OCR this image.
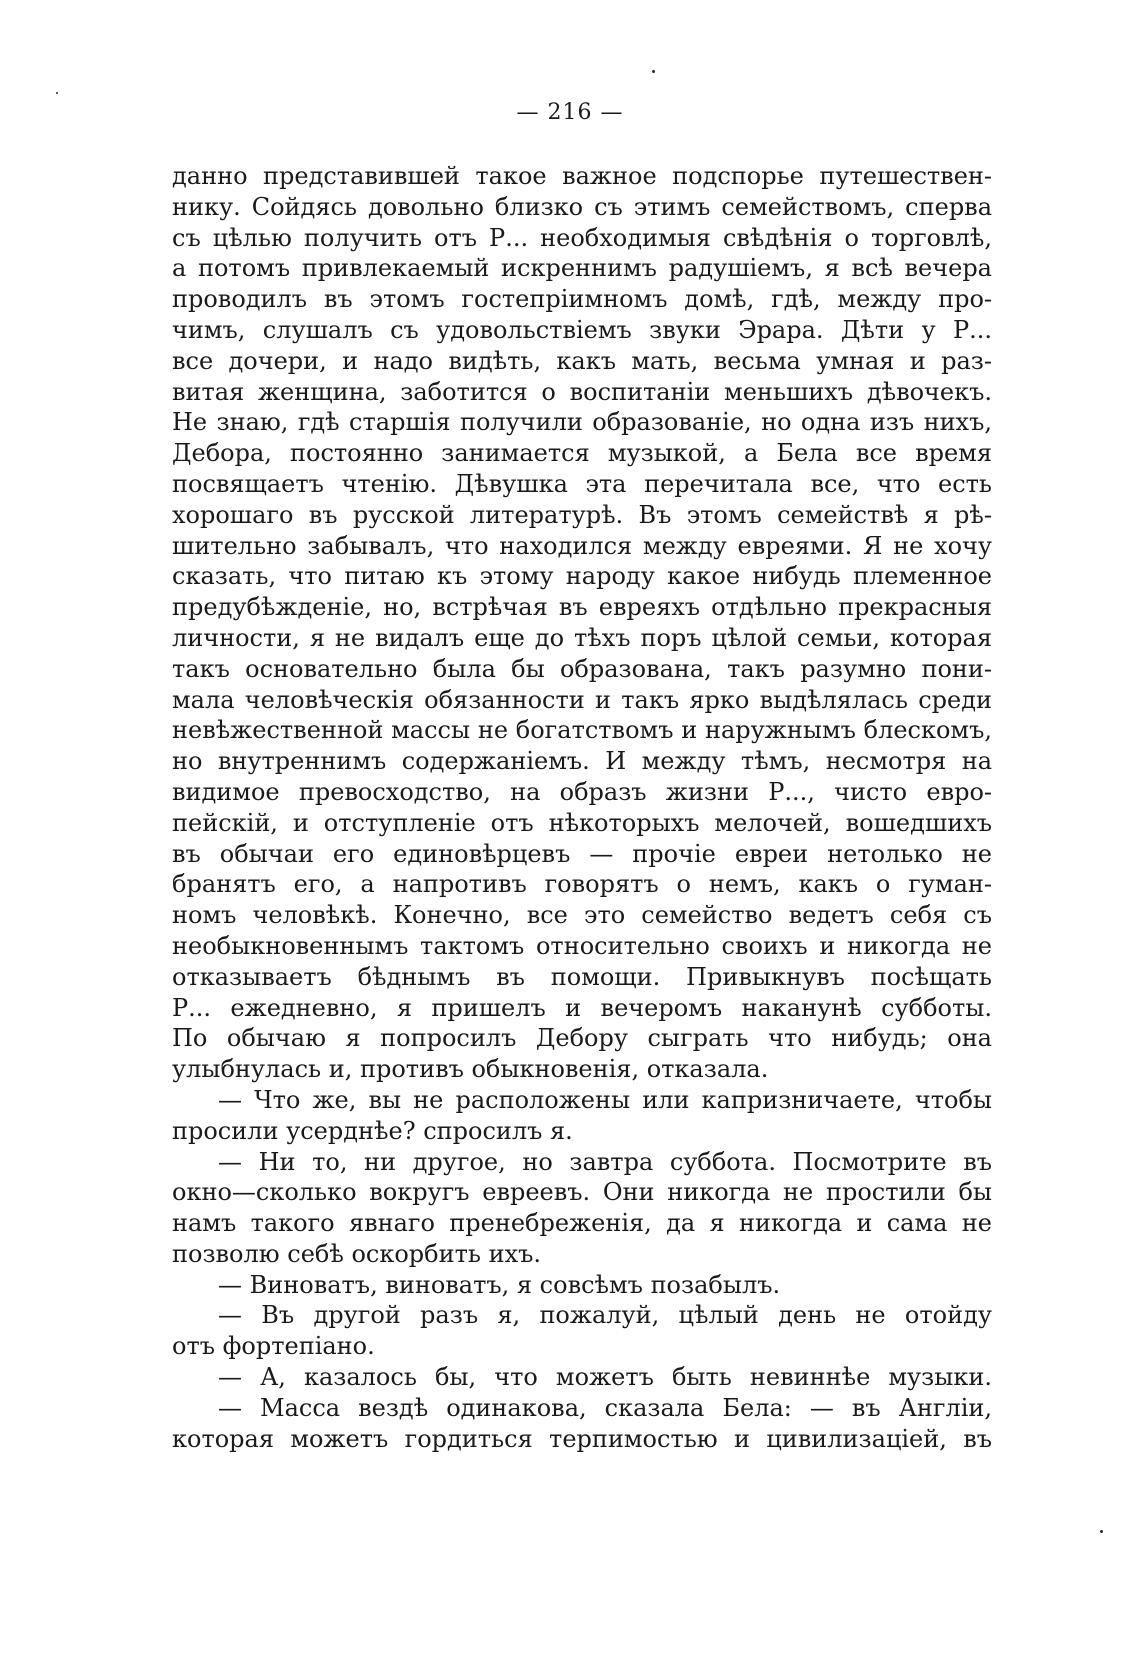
— 216 —
данно представившей такое важное подспорье путешествен-
нику. Сойдясь довольно близко съ этимъ семействомъ, сперва
съ цѣлью получить отъ Р... необходимыя свѣдѣнія о торговлѣ,
а потомъ привлекаемый искреннимъ радушіемъ, я всѣ вечера
проводилъ въ этомъ гостепріимномъ домѣ, гдѣ, между про-
чимъ, слушалъ съ удовольствіемъ звуки Эрара. Дѣти у Р...
все дочери, и надо видѣть, какъ мать, весьма умная и раз-
витая женщина, заботится о воспитаніи меньшихъ дѣвочекъ.
Не знаю, гдѣ старшія получили образованіе, но одна изъ нихъ,
Дебора, постоянно занимается музыкой, а Бела все время
посвящаетъ чтенію. Дѣвушка эта перечитала все, что есть
хорошаго въ русской литературѣ. Въ этомъ семействѣ я рѣ-
шительно забывалъ, что находился между евреями. Я не хочу
сказать, что питаю къ этому народу какое нибудь племенное
предубѣжденіе, но, встрѣчая въ евреяхъ отдѣльно прекрасныя
личности, я не видалъ еще до тѣхъ поръ цѣлой семьи, которая
такъ основательно была бы образована, такъ разумно пони-
мала человѣческія обязанности и такъ ярко выдѣлялась среди
невѣжественной массы не богатствомъ и наружнымъ блескомъ,
но внутреннимъ содержаніемъ. И между тѣмъ, несмотря на
видимое превосходство, на образъ жизни Р..., чисто евро-
пейскій, и отступленіе отъ нѣкоторыхъ мелочей, вошедшихъ
въ обычаи его единовѣрцевъ — прочіе евреи нетолько не
бранятъ его, а напротивъ говорятъ о немъ, какъ о гуман-
номъ человѣкѣ. Конечно, все это семейство ведетъ себя съ
необыкновеннымъ тактомъ относительно своихъ и никогда не
отказываетъ бѣднымъ въ помощи. Привыкнувъ посѣщать
Р... ежедневно, я пришелъ и вечеромъ наканунѣ субботы.
По обычаю я попросилъ Дебору сыграть что нибудь; она
улыбнулась и, противъ обыкновенія, отказала.
— Что же, вы не расположены или капризничаете, чтобы
просили усерднѣе? спросилъ я.
— Ни то, ни другое, но завтра суббота. Посмотрите въ
окно—сколько вокругъ евреевъ. Они никогда не простили бы
намъ такого явнаго пренебреженія, да я никогда и сама не
позволю себѣ оскорбить ихъ.
— Виноватъ, виноватъ, я совсѣмъ позабылъ.
— Въ другой разъ я, пожалуй, цѣлый день не отойду
отъ фортепіано.
— А, казалось бы, что можетъ быть невиннѣе музыки.
— Масса вездѣ одинакова, сказала Бела: — въ Англіи,
которая можетъ гордиться терпимостью и цивилизаціей, въ
